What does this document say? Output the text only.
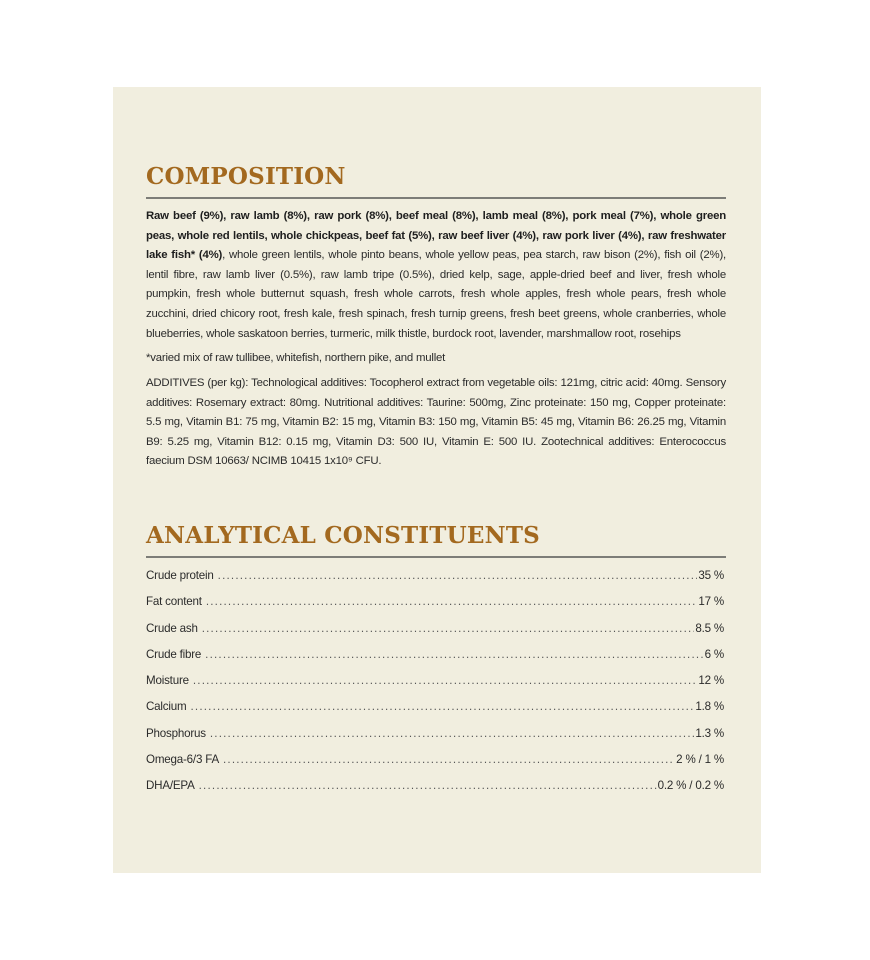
COMPOSITION

Raw beef (9%), raw lamb (8%), raw pork (8%), beef meal (8%), lamb meal (8%), pork meal (7%), whole green peas, whole red lentils, whole chickpeas, beef fat (5%), raw beef liver (4%), raw pork liver (4%), raw freshwater lake fish* (4%), whole green lentils, whole pinto beans, whole yellow peas, pea starch, raw bison (2%), fish oil (2%), lentil fibre, raw lamb liver (0.5%), raw lamb tripe (0.5%), dried kelp, sage, apple-dried beef and liver, fresh whole pumpkin, fresh whole butternut squash, fresh whole carrots, fresh whole apples, fresh whole pears, fresh whole zucchini, dried chicory root, fresh kale, fresh spinach, fresh turnip greens, fresh beet greens, whole cranberries, whole blueberries, whole saskatoon berries, turmeric, milk thistle, burdock root, lavender, marshmallow root, rosehips

*varied mix of raw tullibee, whitefish, northern pike, and mullet

ADDITIVES (per kg): Technological additives: Tocopherol extract from vegetable oils: 121mg, citric acid: 40mg. Sensory additives: Rosemary extract: 80mg. Nutritional additives: Taurine: 500mg, Zinc proteinate: 150 mg, Copper proteinate: 5.5 mg, Vitamin B1: 75 mg, Vitamin B2: 15 mg, Vitamin B3: 150 mg, Vitamin B5: 45 mg, Vitamin B6: 26.25 mg, Vitamin B9: 5.25 mg, Vitamin B12: 0.15 mg, Vitamin D3: 500 IU, Vitamin E: 500 IU. Zootechnical additives: Enterococcus faecium DSM 10663/ NCIMB 10415 1x10⁹ CFU.

ANALYTICAL CONSTITUENTS
Crude protein .....	35 %
Fat content .....	17 %
Crude ash .....	8.5 %
Crude fibre .....	6 %
Moisture .....	12 %
Calcium .....	1.8 %
Phosphorus .....	1.3 %
Omega-6/3 FA .....	2 % / 1 %
DHA/EPA .....	0.2 % / 0.2 %
